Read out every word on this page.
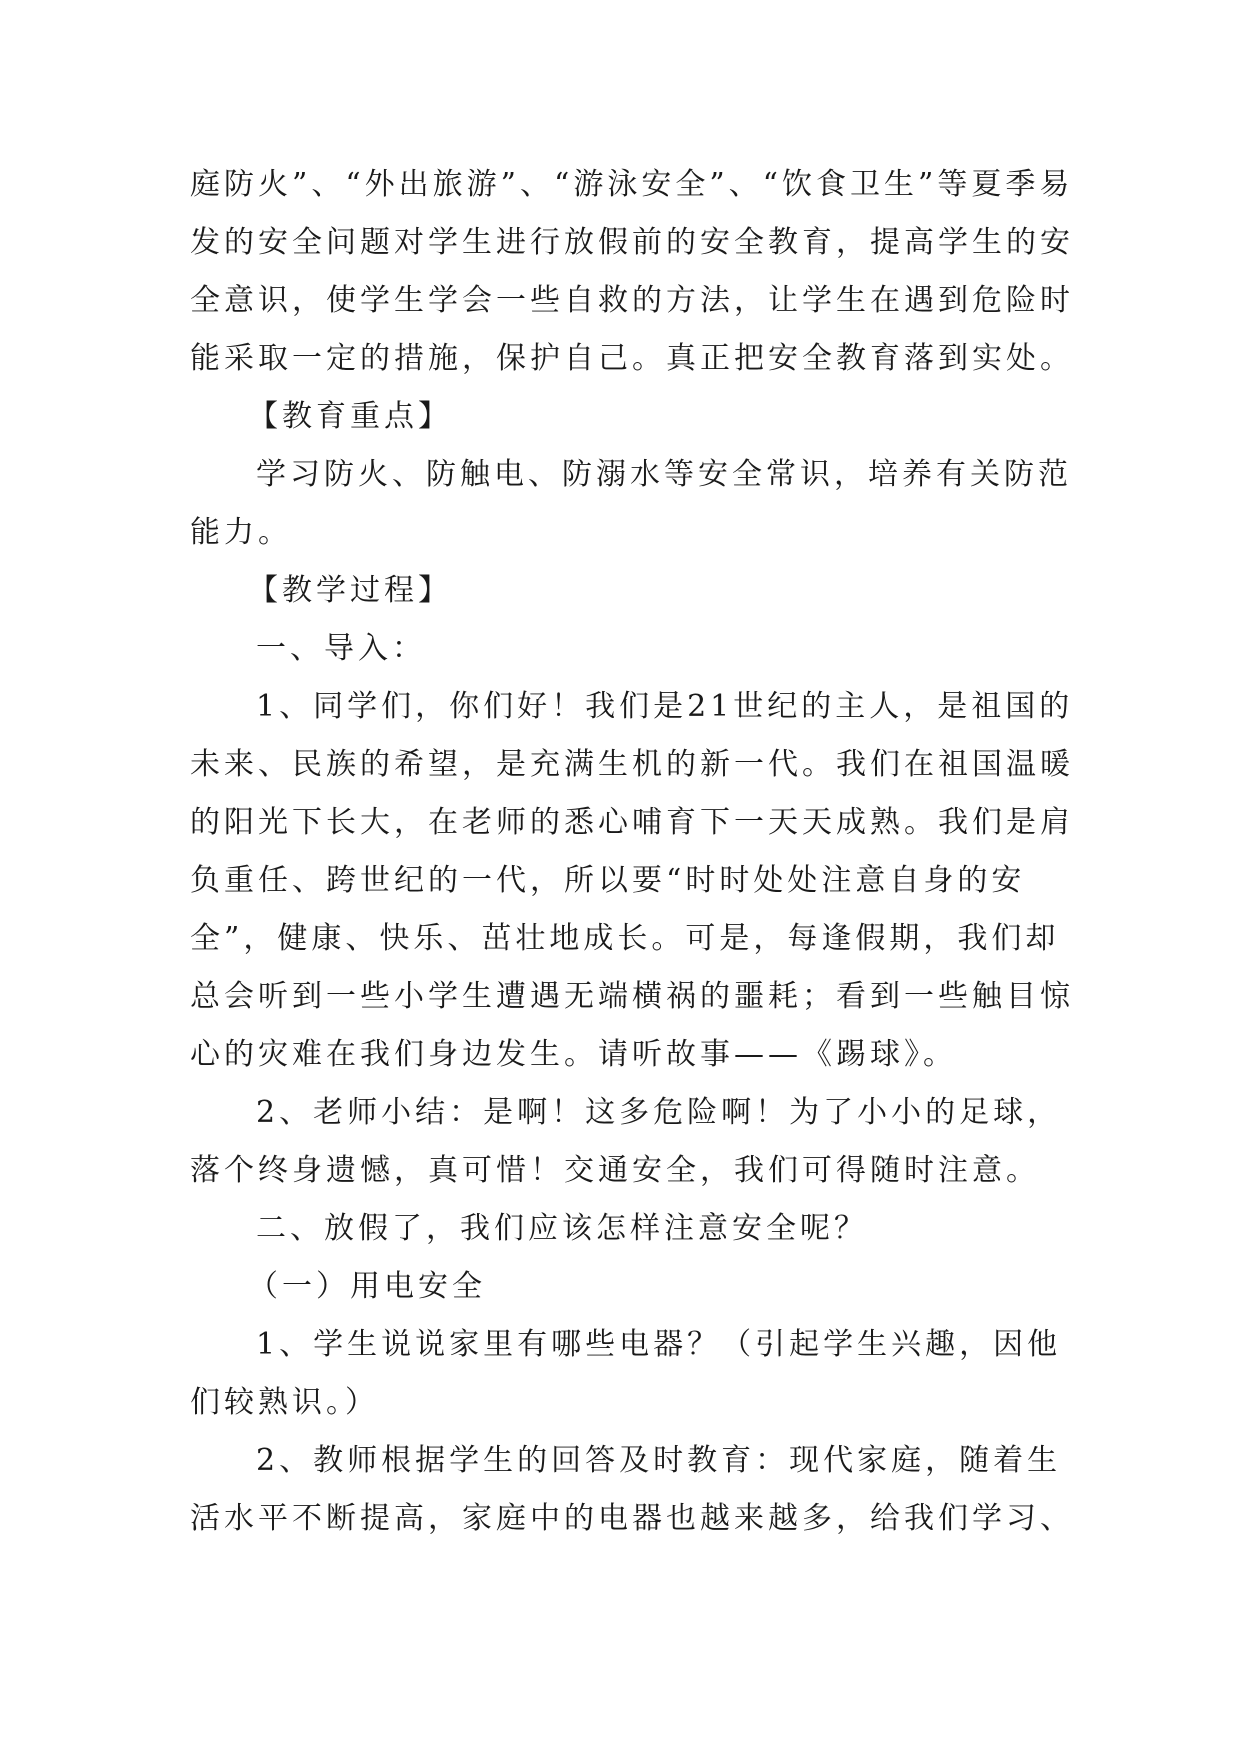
庭防火”、“外出旅游”、“游泳安全”、“饮食卫生”等夏季易
发的安全问题对学生进行放假前的安全教育，提高学生的安
全意识，使学生学会一些自救的方法，让学生在遇到危险时
能采取一定的措施，保护自己。真正把安全教育落到实处。
【教育重点】
学习防火、防触电、防溺水等安全常识，培养有关防范
能力。
【教学过程】
一、导入：
1、同学们，你们好！我们是21世纪的主人，是祖国的
未来、民族的希望，是充满生机的新一代。我们在祖国温暖
的阳光下长大，在老师的悉心哺育下一天天成熟。我们是肩
负重任、跨世纪的一代，所以要“时时处处注意自身的安
全”，健康、快乐、茁壮地成长。可是，每逢假期，我们却
总会听到一些小学生遭遇无端横祸的噩耗；看到一些触目惊
心的灾难在我们身边发生。请听故事——《踢球》。
2、老师小结：是啊！这多危险啊！为了小小的足球，
落个终身遗憾，真可惜！交通安全，我们可得随时注意。
二、放假了，我们应该怎样注意安全呢？
（一）用电安全
1、学生说说家里有哪些电器？（引起学生兴趣，因他
们较熟识。）
2、教师根据学生的回答及时教育：现代家庭，随着生
活水平不断提高，家庭中的电器也越来越多，给我们学习、
